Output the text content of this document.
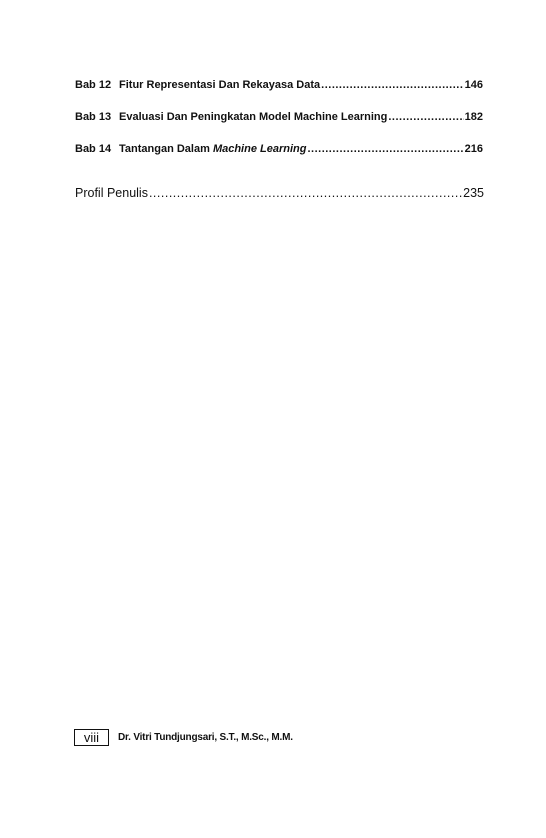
Bab 12 Fitur Representasi Dan Rekayasa Data .....	146
Bab 13 Evaluasi Dan Peningkatan Model Machine Learning .....	182
Bab 14 Tantangan Dalam Machine Learning .....	216
Profil Penulis .....	235
viii	Dr. Vitri Tundjungsari, S.T., M.Sc., M.M.
